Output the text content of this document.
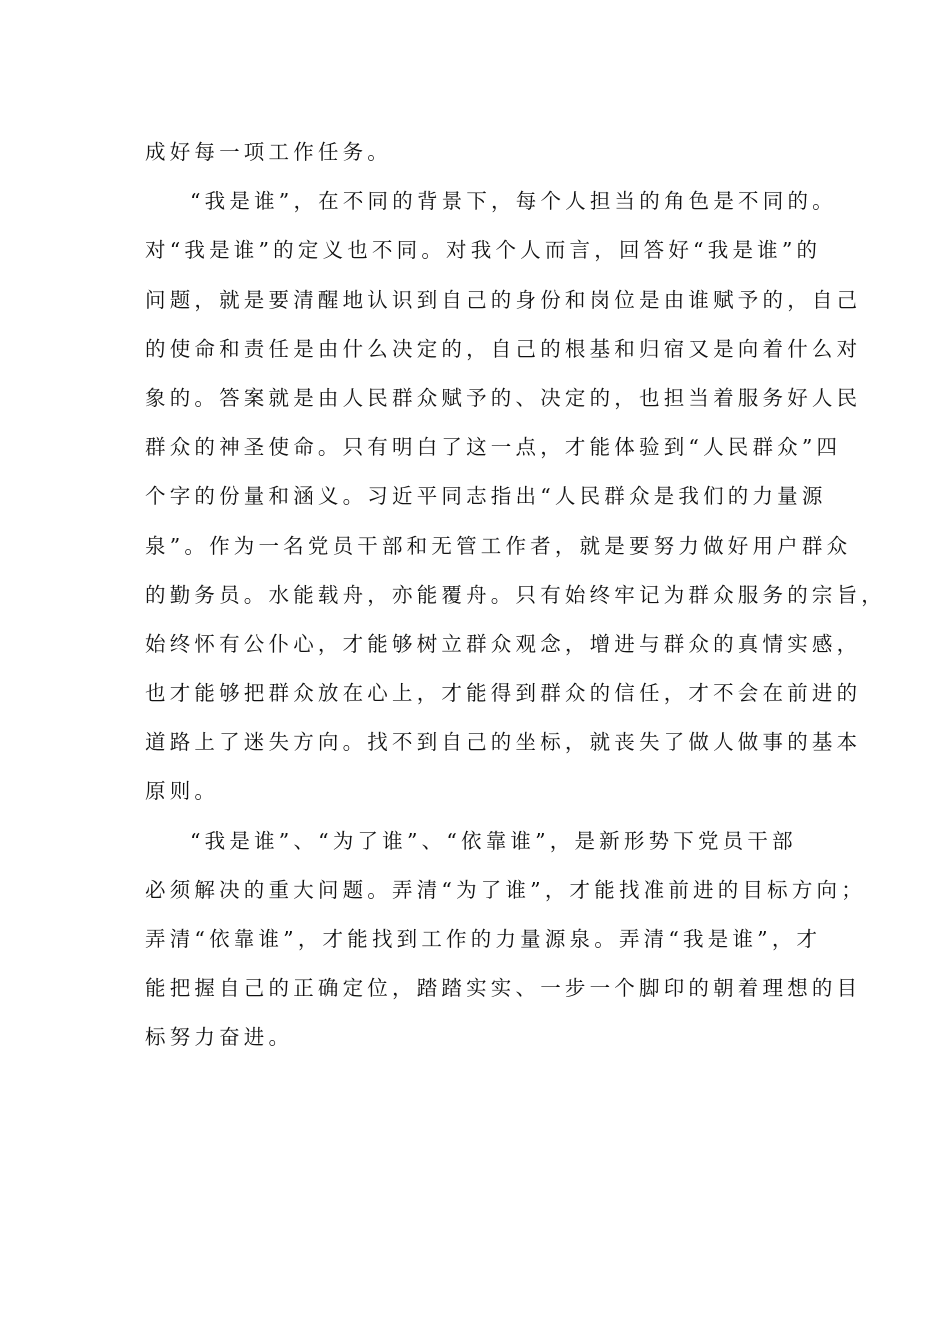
成好每一项工作任务。
“我是谁”，在不同的背景下，每个人担当的角色是不同的。
对“我是谁”的定义也不同。对我个人而言，回答好“我是谁”的
问题，就是要清醒地认识到自己的身份和岗位是由谁赋予的，自己
的使命和责任是由什么决定的，自己的根基和归宿又是向着什么对
象的。答案就是由人民群众赋予的、决定的，也担当着服务好人民
群众的神圣使命。只有明白了这一点，才能体验到“人民群众”四
个字的份量和涵义。习近平同志指出“人民群众是我们的力量源
泉”。作为一名党员干部和无管工作者，就是要努力做好用户群众
的勤务员。水能载舟，亦能覆舟。只有始终牢记为群众服务的宗旨，
始终怀有公仆心，才能够树立群众观念，增进与群众的真情实感，
也才能够把群众放在心上，才能得到群众的信任，才不会在前进的
道路上了迷失方向。找不到自己的坐标，就丧失了做人做事的基本
原则。
“我是谁”、“为了谁”、“依靠谁”，是新形势下党员干部
必须解决的重大问题。弄清“为了谁”，才能找准前进的目标方向；
弄清“依靠谁”，才能找到工作的力量源泉。弄清“我是谁”，才
能把握自己的正确定位，踏踏实实、一步一个脚印的朝着理想的目
标努力奋进。
